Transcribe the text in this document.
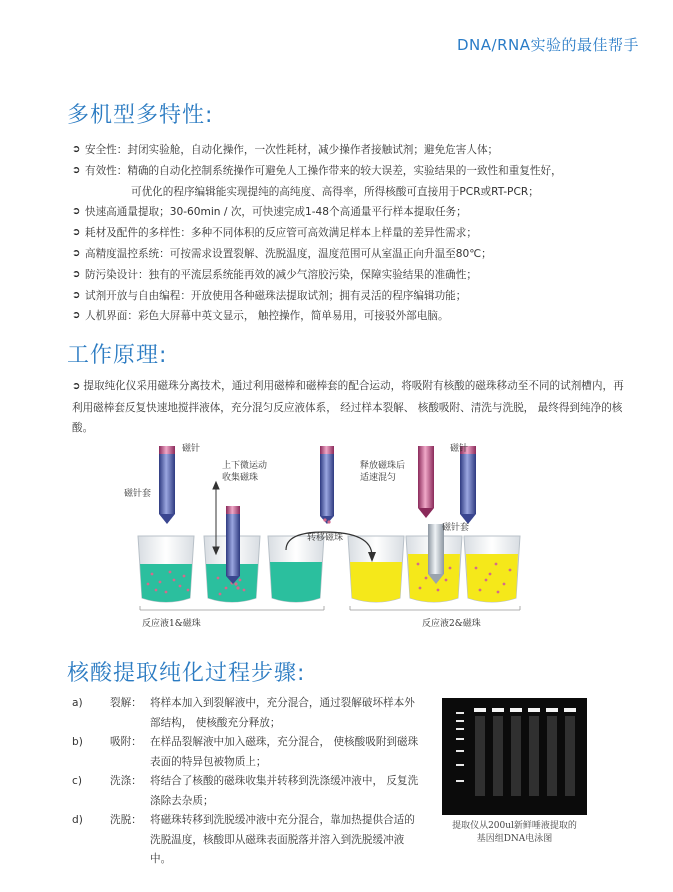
DNA/RNA实验的最佳帮手
多机型多特性:
➲ 安全性：封闭实验舱，自动化操作，一次性耗材，减少操作者接触试剂；避免危害人体；
➲ 有效性：精确的自动化控制系统操作可避免人工操作带来的较大误差，实验结果的一致性和重复性好，
可优化的程序编辑能实现提纯的高纯度、高得率，所得核酸可直接用于PCR或RT-PCR；
➲ 快速高通量提取；30-60min / 次，可快速完成1-48个高通量平行样本提取任务；
➲ 耗材及配件的多样性：多种不同体积的反应管可高效满足样本上样量的差异性需求；
➲ 高精度温控系统：可按需求设置裂解、洗脱温度，温度范围可从室温正向升温至80℃；
➲ 防污染设计：独有的平流层系统能再效的减少气溶胶污染，保障实验结果的准确性；
➲ 试剂开放与自由编程：开放使用各种磁珠法提取试剂；拥有灵活的程序编辑功能；
➲ 人机界面：彩色大屏幕中英文显示， 触控操作，简单易用，可接驳外部电脑。
工作原理:
➲ 提取纯化仪采用磁珠分离技术，通过利用磁棒和磁棒套的配合运动，将吸附有核酸的磁珠移动至不同的试剂槽内，再利用磁棒套反复快速地搅拌液体，充分混匀反应液体系， 经过样本裂解、 核酸吸附、清洗与洗脱， 最终得到纯净的核酸。
磁针
磁针套
上下微运动
收集磁珠
转移磁珠
释放磁珠后
适速混匀
磁针
磁针套
反应液1&磁珠	反应液2&磁珠
核酸提取纯化过程步骤:
a)	裂解： 将样本加入到裂解液中，充分混合，通过裂解破坏样本外部结构， 使核酸充分释放；
b)	吸附： 在样品裂解液中加入磁珠，充分混合， 使核酸吸附到磁珠表面的特异包被物质上；
c)	洗涤： 将结合了核酸的磁珠收集并转移到洗涤缓冲液中， 反复洗涤除去杂质；
d)	洗脱： 将磁珠转移到洗脱缓冲液中充分混合，靠加热提供合适的洗脱温度，核酸即从磁珠表面脱落并溶入到洗脱缓冲液中。
提取仪从200ul新鲜唾液提取的
基因组DNA电泳图
